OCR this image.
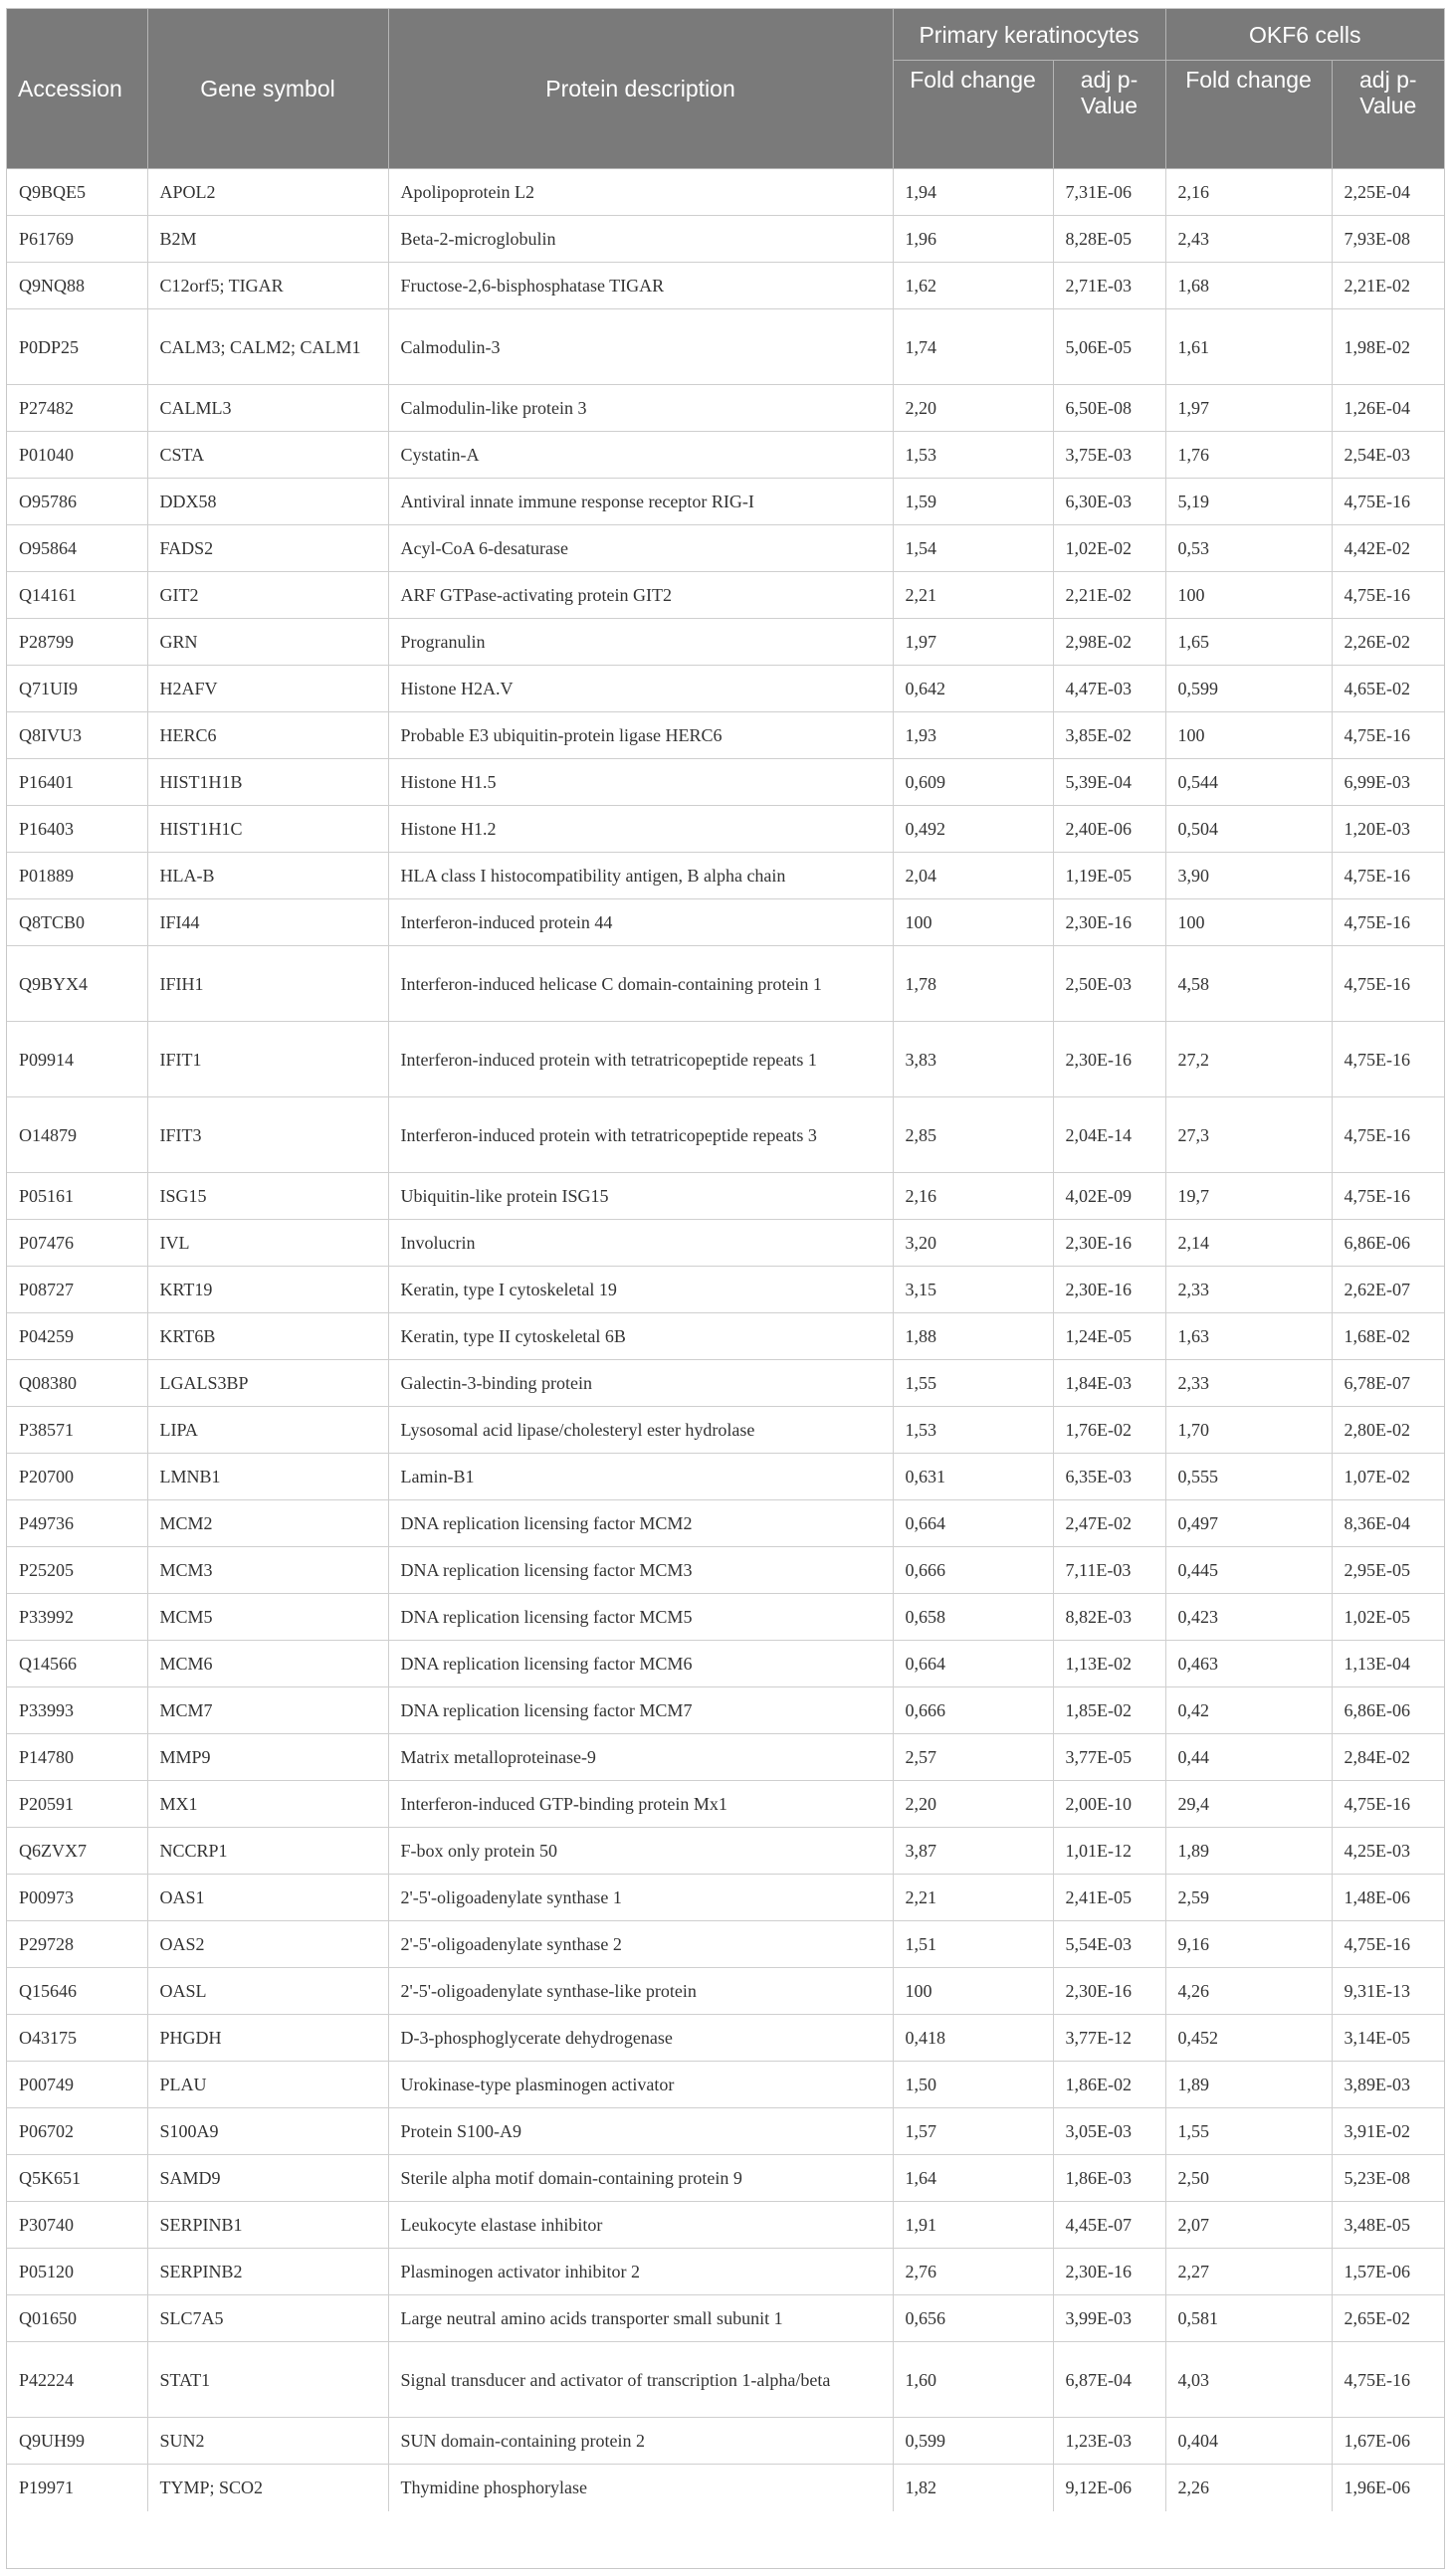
Accession	Gene symbol	Protein description	Primary keratinocytes		OKF6 cells	
			Fold change	adj p-Value	Fold change	adj p-Value
Q9BQE5	APOL2	Apolipoprotein L2	1,94	7,31E-06	2,16	2,25E-04
P61769	B2M	Beta-2-microglobulin	1,96	8,28E-05	2,43	7,93E-08
Q9NQ88	C12orf5; TIGAR	Fructose-2,6-bisphosphatase TIGAR	1,62	2,71E-03	1,68	2,21E-02
P0DP25	CALM3; CALM2; CALM1	Calmodulin-3	1,74	5,06E-05	1,61	1,98E-02
P27482	CALML3	Calmodulin-like protein 3	2,20	6,50E-08	1,97	1,26E-04
P01040	CSTA	Cystatin-A	1,53	3,75E-03	1,76	2,54E-03
O95786	DDX58	Antiviral innate immune response receptor RIG-I	1,59	6,30E-03	5,19	4,75E-16
O95864	FADS2	Acyl-CoA 6-desaturase	1,54	1,02E-02	0,53	4,42E-02
Q14161	GIT2	ARF GTPase-activating protein GIT2	2,21	2,21E-02	100	4,75E-16
P28799	GRN	Progranulin	1,97	2,98E-02	1,65	2,26E-02
Q71UI9	H2AFV	Histone H2A.V	0,642	4,47E-03	0,599	4,65E-02
Q8IVU3	HERC6	Probable E3 ubiquitin-protein ligase HERC6	1,93	3,85E-02	100	4,75E-16
P16401	HIST1H1B	Histone H1.5	0,609	5,39E-04	0,544	6,99E-03
P16403	HIST1H1C	Histone H1.2	0,492	2,40E-06	0,504	1,20E-03
P01889	HLA-B	HLA class I histocompatibility antigen, B alpha chain	2,04	1,19E-05	3,90	4,75E-16
Q8TCB0	IFI44	Interferon-induced protein 44	100	2,30E-16	100	4,75E-16
Q9BYX4	IFIH1	Interferon-induced helicase C domain-containing protein 1	1,78	2,50E-03	4,58	4,75E-16
P09914	IFIT1	Interferon-induced protein with tetratricopeptide repeats 1	3,83	2,30E-16	27,2	4,75E-16
O14879	IFIT3	Interferon-induced protein with tetratricopeptide repeats 3	2,85	2,04E-14	27,3	4,75E-16
P05161	ISG15	Ubiquitin-like protein ISG15	2,16	4,02E-09	19,7	4,75E-16
P07476	IVL	Involucrin	3,20	2,30E-16	2,14	6,86E-06
P08727	KRT19	Keratin, type I cytoskeletal 19	3,15	2,30E-16	2,33	2,62E-07
P04259	KRT6B	Keratin, type II cytoskeletal 6B	1,88	1,24E-05	1,63	1,68E-02
Q08380	LGALS3BP	Galectin-3-binding protein	1,55	1,84E-03	2,33	6,78E-07
P38571	LIPA	Lysosomal acid lipase/cholesteryl ester hydrolase	1,53	1,76E-02	1,70	2,80E-02
P20700	LMNB1	Lamin-B1	0,631	6,35E-03	0,555	1,07E-02
P49736	MCM2	DNA replication licensing factor MCM2	0,664	2,47E-02	0,497	8,36E-04
P25205	MCM3	DNA replication licensing factor MCM3	0,666	7,11E-03	0,445	2,95E-05
P33992	MCM5	DNA replication licensing factor MCM5	0,658	8,82E-03	0,423	1,02E-05
Q14566	MCM6	DNA replication licensing factor MCM6	0,664	1,13E-02	0,463	1,13E-04
P33993	MCM7	DNA replication licensing factor MCM7	0,666	1,85E-02	0,42	6,86E-06
P14780	MMP9	Matrix metalloproteinase-9	2,57	3,77E-05	0,44	2,84E-02
P20591	MX1	Interferon-induced GTP-binding protein Mx1	2,20	2,00E-10	29,4	4,75E-16
Q6ZVX7	NCCRP1	F-box only protein 50	3,87	1,01E-12	1,89	4,25E-03
P00973	OAS1	2'-5'-oligoadenylate synthase 1	2,21	2,41E-05	2,59	1,48E-06
P29728	OAS2	2'-5'-oligoadenylate synthase 2	1,51	5,54E-03	9,16	4,75E-16
Q15646	OASL	2'-5'-oligoadenylate synthase-like protein	100	2,30E-16	4,26	9,31E-13
O43175	PHGDH	D-3-phosphoglycerate dehydrogenase	0,418	3,77E-12	0,452	3,14E-05
P00749	PLAU	Urokinase-type plasminogen activator	1,50	1,86E-02	1,89	3,89E-03
P06702	S100A9	Protein S100-A9	1,57	3,05E-03	1,55	3,91E-02
Q5K651	SAMD9	Sterile alpha motif domain-containing protein 9	1,64	1,86E-03	2,50	5,23E-08
P30740	SERPINB1	Leukocyte elastase inhibitor	1,91	4,45E-07	2,07	3,48E-05
P05120	SERPINB2	Plasminogen activator inhibitor 2	2,76	2,30E-16	2,27	1,57E-06
Q01650	SLC7A5	Large neutral amino acids transporter small subunit 1	0,656	3,99E-03	0,581	2,65E-02
P42224	STAT1	Signal transducer and activator of transcription 1-alpha/beta	1,60	6,87E-04	4,03	4,75E-16
Q9UH99	SUN2	SUN domain-containing protein 2	0,599	1,23E-03	0,404	1,67E-06
P19971	TYMP; SCO2	Thymidine phosphorylase	1,82	9,12E-06	2,26	1,96E-06
